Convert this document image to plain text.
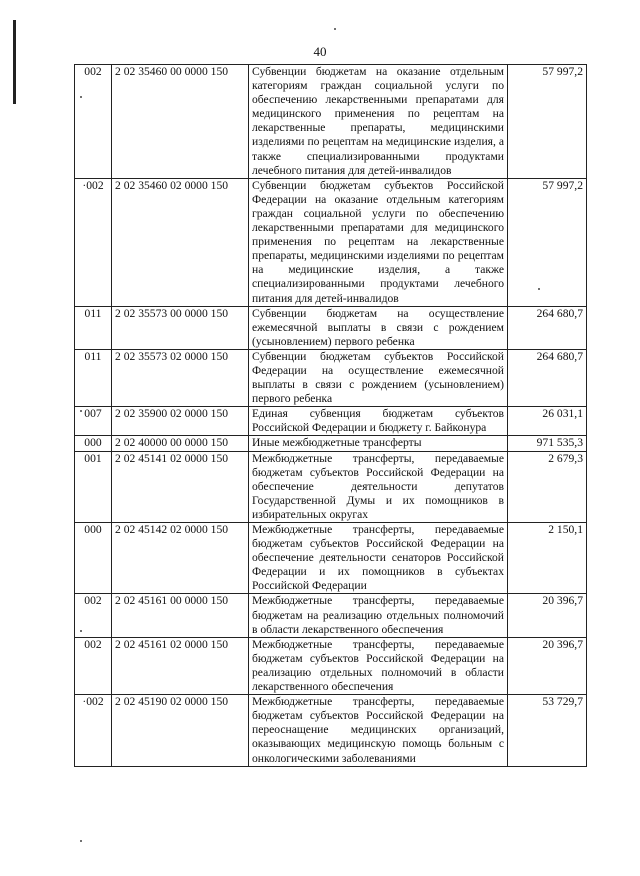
40
002	2 02 35460 00 0000 150	Субвенции бюджетам на оказание отдельным категориям граждан социальной услуги по обеспечению лекарственными препаратами для медицинского применения по рецептам на лекарственные препараты, медицинскими изделиями по рецептам на медицинские изделия, а также специализированными продуктами лечебного питания для детей-инвалидов	57 997,2
·002	2 02 35460 02 0000 150	Субвенции бюджетам субъектов Российской Федерации на оказание отдельным категориям граждан социальной услуги по обеспечению лекарственными препаратами для медицинского применения по рецептам на лекарственные препараты, медицинскими изделиями по рецептам на медицинские изделия, а также специализированными продуктами лечебного питания для детей-инвалидов	57 997,2
011	2 02 35573 00 0000 150	Субвенции бюджетам на осуществление ежемесячной выплаты в связи с рождением (усыновлением) первого ребенка	264 680,7
011	2 02 35573 02 0000 150	Субвенции бюджетам субъектов Российской Федерации на осуществление ежемесячной выплаты в связи с рождением (усыновлением) первого ребенка	264 680,7
007	2 02 35900 02 0000 150	Единая субвенция бюджетам субъектов Российской Федерации и бюджету г. Байконура	26 031,1
000	2 02 40000 00 0000 150	Иные межбюджетные трансферты	971 535,3
001	2 02 45141 02 0000 150	Межбюджетные трансферты, передаваемые бюджетам субъектов Российской Федерации на обеспечение деятельности депутатов Государственной Думы и их помощников в избирательных округах	2 679,3
000	2 02 45142 02 0000 150	Межбюджетные трансферты, передаваемые бюджетам субъектов Российской Федерации на обеспечение деятельности сенаторов Российской Федерации и их помощников в субъектах Российской Федерации	2 150,1
002	2 02 45161 00 0000 150	Межбюджетные трансферты, передаваемые бюджетам на реализацию отдельных полномочий в области лекарственного обеспечения	20 396,7
002	2 02 45161 02 0000 150	Межбюджетные трансферты, передаваемые бюджетам субъектов Российской Федерации на реализацию отдельных полномочий в области лекарственного обеспечения	20 396,7
·002	2 02 45190 02 0000 150	Межбюджетные трансферты, передаваемые бюджетам субъектов Российской Федерации на переоснащение медицинских организаций, оказывающих медицинскую помощь больным с онкологическими заболеваниями	53 729,7
